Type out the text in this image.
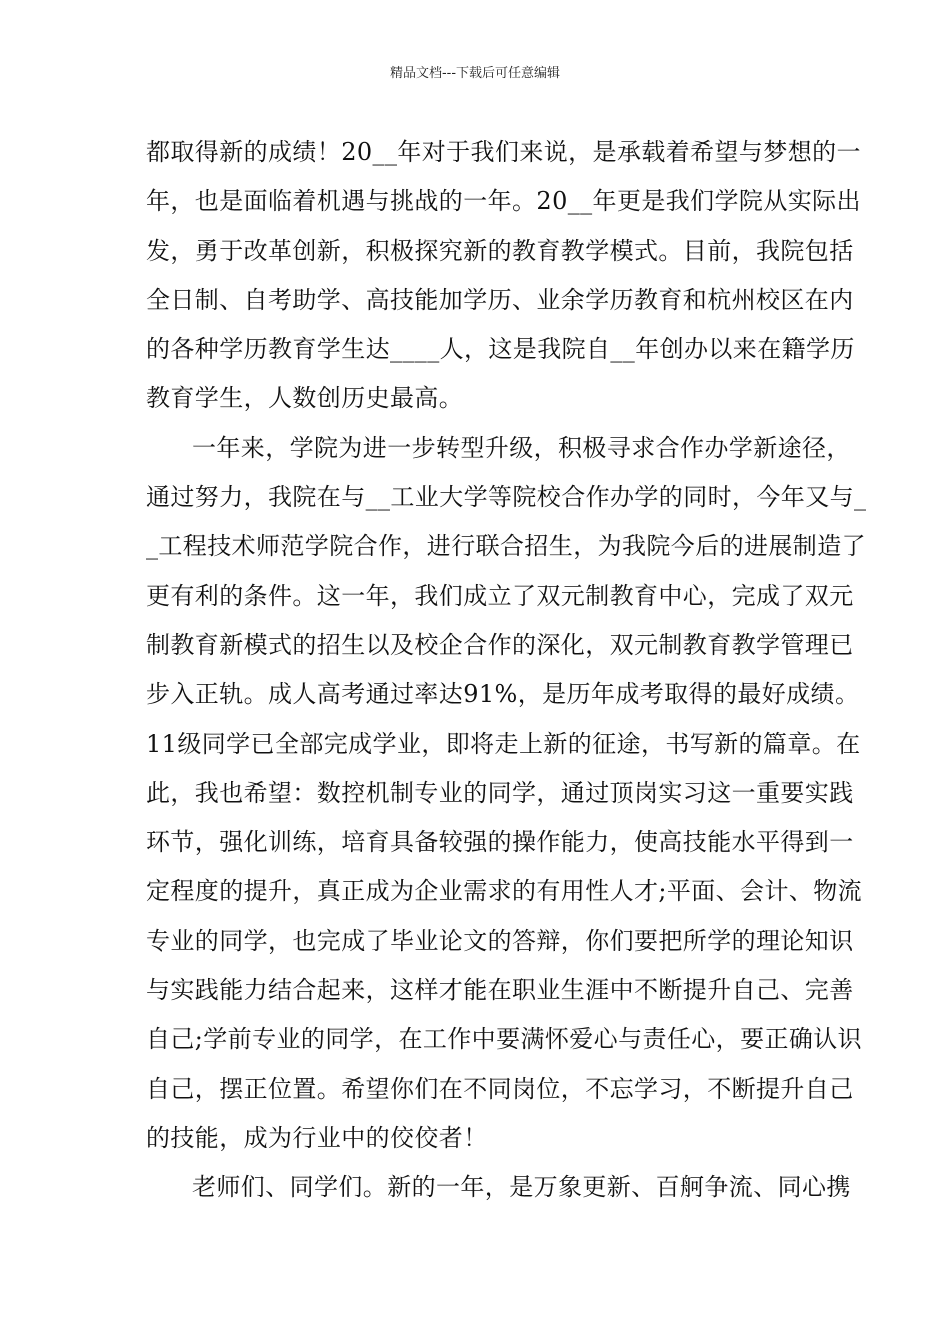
精品文档---下载后可任意编辑
都取得新的成绩！20__年对于我们来说，是承载着希望与梦想的一
年，也是面临着机遇与挑战的一年。20__年更是我们学院从实际出
发，勇于改革创新，积极探究新的教育教学模式。目前，我院包括
全日制、自考助学、高技能加学历、业余学历教育和杭州校区在内
的各种学历教育学生达____人，这是我院自__年创办以来在籍学历
教育学生，人数创历史最高。
一年来，学院为进一步转型升级，积极寻求合作办学新途径，
通过努力，我院在与__工业大学等院校合作办学的同时，今年又与_
_工程技术师范学院合作，进行联合招生，为我院今后的进展制造了
更有利的条件。这一年，我们成立了双元制教育中心，完成了双元
制教育新模式的招生以及校企合作的深化，双元制教育教学管理已
步入正轨。成人高考通过率达91%，是历年成考取得的最好成绩。
11级同学已全部完成学业，即将走上新的征途，书写新的篇章。在
此，我也希望：数控机制专业的同学，通过顶岗实习这一重要实践
环节，强化训练，培育具备较强的操作能力，使高技能水平得到一
定程度的提升，真正成为企业需求的有用性人才;平面、会计、物流
专业的同学，也完成了毕业论文的答辩，你们要把所学的理论知识
与实践能力结合起来，这样才能在职业生涯中不断提升自己、完善
自己;学前专业的同学，在工作中要满怀爱心与责任心，要正确认识
自己，摆正位置。希望你们在不同岗位，不忘学习，不断提升自己
的技能，成为行业中的佼佼者！
老师们、同学们。新的一年，是万象更新、百舸争流、同心携
